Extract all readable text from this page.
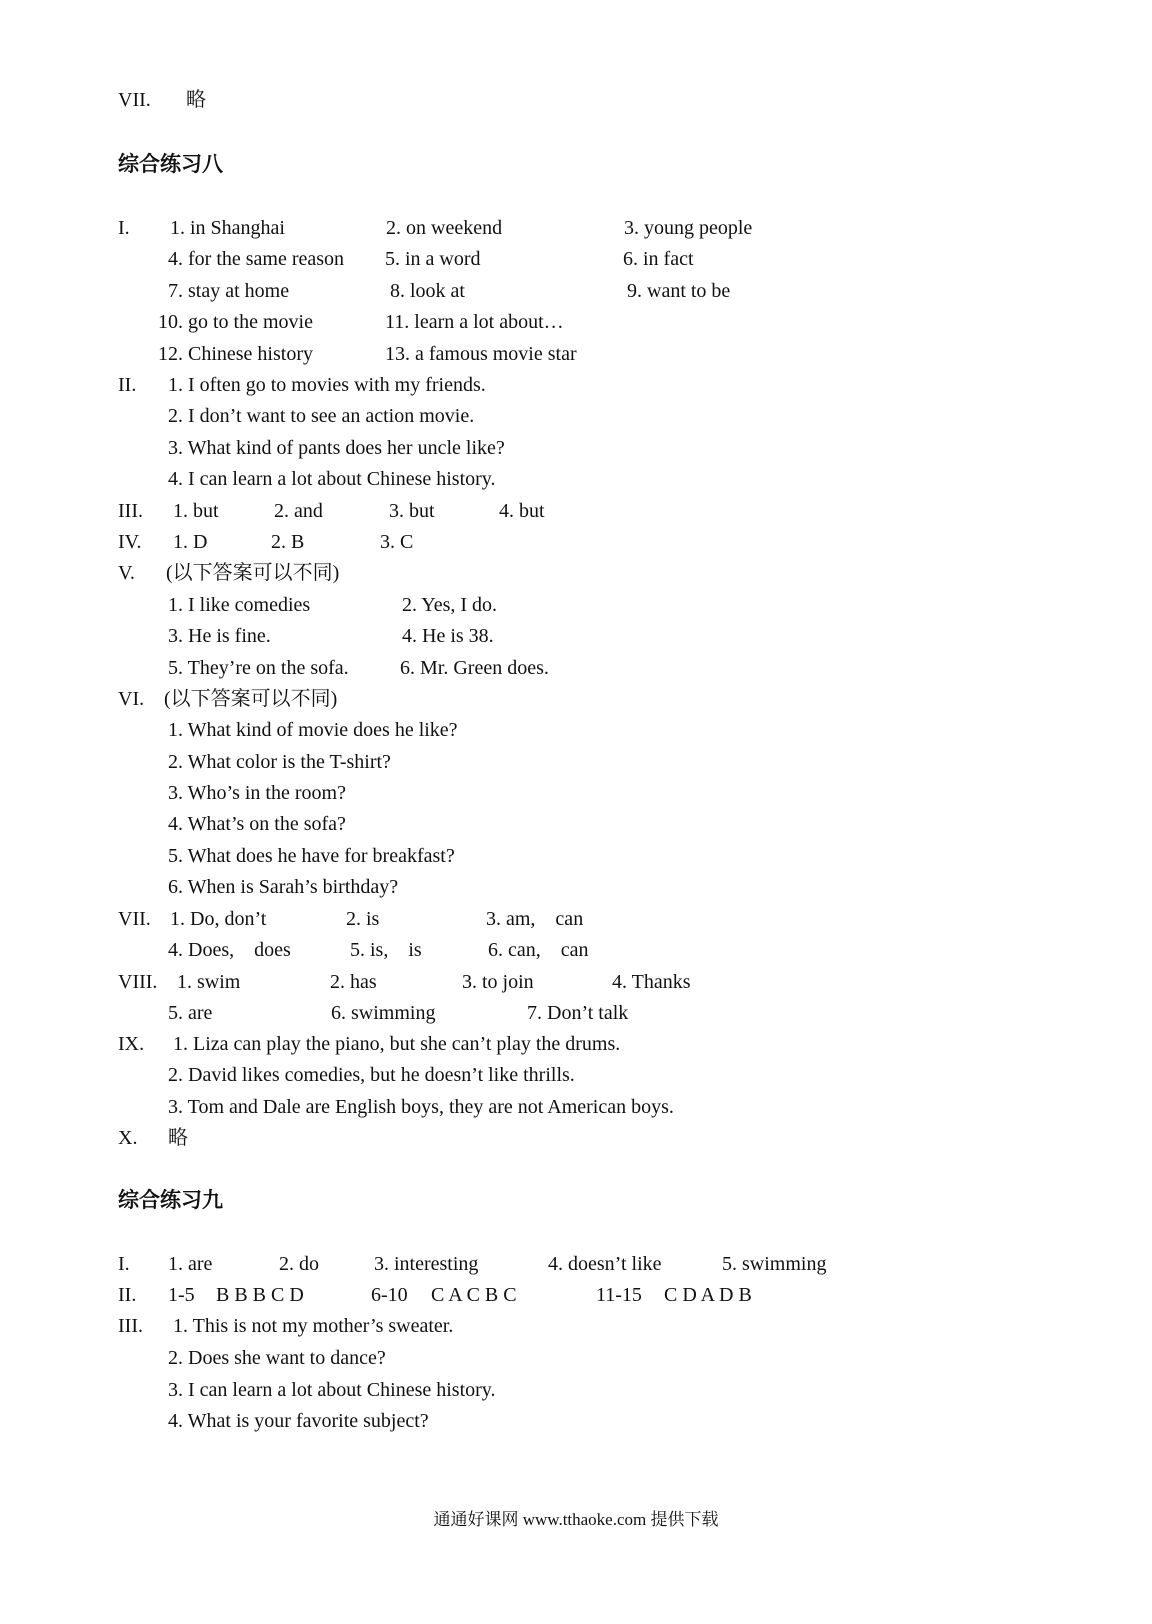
VII. 略
综合练习八
I. 1. in Shanghai	2. on weekend	3. young people
4. for the same reason 5. in a word	6. in fact
7. stay at home	8. look at	9. want to be
10. go to the movie	11. learn a lot about…
12. Chinese history	13. a famous movie star
II. 1. I often go to movies with my friends.
2. I don’t want to see an action movie.
3. What kind of pants does her uncle like?
4. I can learn a lot about Chinese history.
III. 1. but	2. and	3. but	4. but
IV. 1. D	2. B	3. C
V. (以下答案可以不同)
1. I like comedies	2. Yes, I do.
3. He is fine.	4. He is 38.
5. They’re on the sofa.	6. Mr. Green does.
VI. (以下答案可以不同)
1. What kind of movie does he like?
2. What color is the T-shirt?
3. Who’s in the room?
4. What’s on the sofa?
5. What does he have for breakfast?
6. When is Sarah’s birthday?
VII. 1. Do, don’t	2. is	3. am,    can
4. Does,    does	5. is,    is	6. can,    can
VIII. 1. swim	2. has	3. to join	4. Thanks
5. are	6. swimming	7. Don’t talk
IX. 1. Liza can play the piano, but she can’t play the drums.
2. David likes comedies, but he doesn’t like thrills.
3. Tom and Dale are English boys, they are not American boys.
X. 略
综合练习九
I. 1. are	2. do	3. interesting	4. doesn’t like	5. swimming
II. 1-5 B B B C D	6-10 C A C B C	11-15 C D A D B
III. 1. This is not my mother’s sweater.
2. Does she want to dance?
3. I can learn a lot about Chinese history.
4. What is your favorite subject?
通通好课网 www.tthaoke.com 提供下载
